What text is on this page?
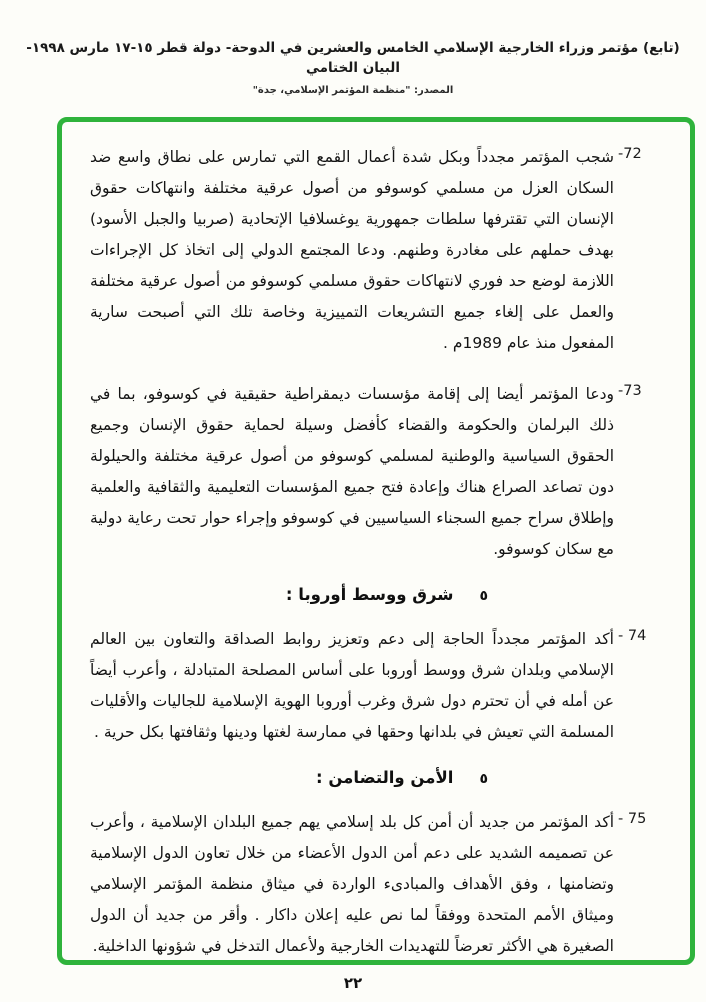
(تابع) مؤتمر وزراء الخارجية الإسلامي الخامس والعشرين في الدوحة- دولة قطر ١٥-١٧ مارس ١٩٩٨- البيان الختامي
المصدر: "منظمة المؤتمر الإسلامي، جدة"
-72
شجب المؤتمر مجدداً وبكل شدة أعمال القمع التي تمارس على نطاق واسع ضد السكان العزل من مسلمي كوسوفو من أصول عرقية مختلفة وانتهاكات حقوق الإنسان التي تقترفها سلطات جمهورية يوغسلافيا الإتحادية (صربيا والجبل الأسود) بهدف حملهم على مغادرة وطنهم. ودعا المجتمع الدولي إلى اتخاذ كل الإجراءات اللازمة لوضع حد فوري لانتهاكات حقوق مسلمي كوسوفو من أصول عرقية مختلفة والعمل على إلغاء جميع التشريعات التمييزية وخاصة تلك التي أصبحت سارية المفعول منذ عام 1989م .
-73
ودعا المؤتمر أيضا إلى إقامة مؤسسات ديمقراطية حقيقية في كوسوفو، بما في ذلك البرلمان والحكومة والقضاء كأفضل وسيلة لحماية حقوق الإنسان وجميع الحقوق السياسية والوطنية لمسلمي كوسوفو من أصول عرقية مختلفة والحيلولة دون تصاعد الصراع هناك وإعادة فتح جميع المؤسسات التعليمية والثقافية والعلمية وإطلاق سراح جميع السجناء السياسيين في كوسوفو وإجراء حوار تحت رعاية دولية مع سكان كوسوفو.
٥
شرق ووسط أوروبا :
- 74
أكد المؤتمر مجدداً الحاجة إلى دعم وتعزيز روابط الصداقة والتعاون بين العالم الإسلامي وبلدان شرق ووسط أوروبا على أساس المصلحة المتبادلة ، وأعرب أيضاً عن أمله في أن تحترم دول شرق وغرب أوروبا الهوية الإسلامية للجاليات والأقليات المسلمة التي تعيش في بلدانها وحقها في ممارسة لغتها ودينها وثقافتها بكل حرية .
٥
الأمن والتضامن :
- 75
أكد المؤتمر من جديد أن أمن كل بلد إسلامي يهم جميع البلدان الإسلامية ، وأعرب عن تصميمه الشديد على دعم أمن الدول الأعضاء من خلال تعاون الدول الإسلامية وتضامنها ، وفق الأهداف والمبادىء الواردة في ميثاق منظمة المؤتمر الإسلامي وميثاق الأمم المتحدة ووفقاً لما نص عليه إعلان داكار . وأقر من جديد أن الدول الصغيرة هي الأكثر تعرضاً للتهديدات الخارجية ولأعمال التدخل في شؤونها الداخلية.
٢٢
